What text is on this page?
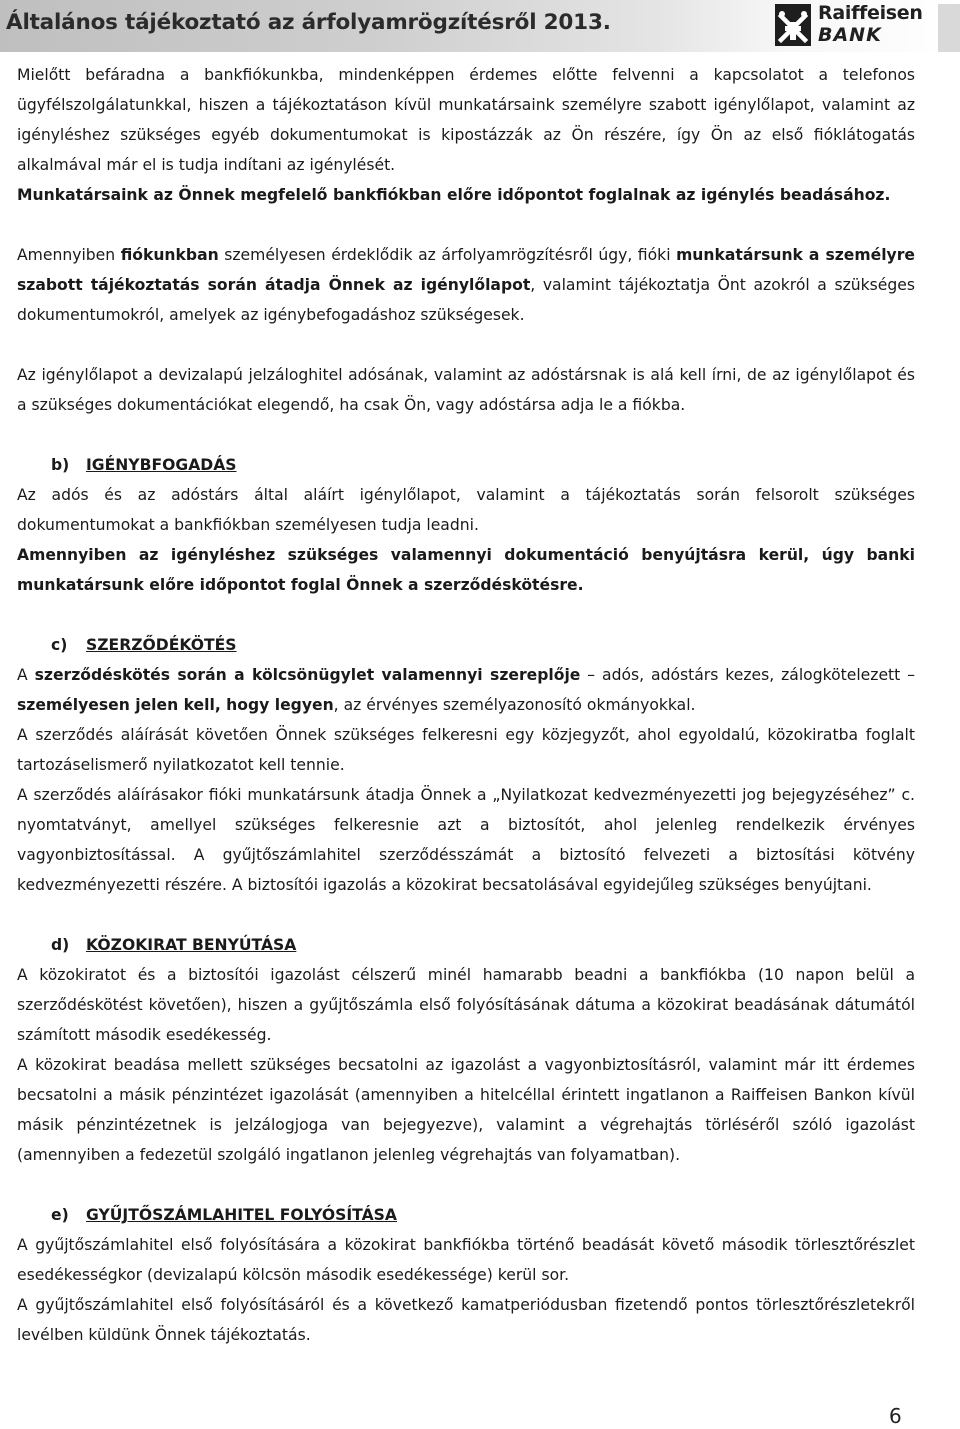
Általános tájékoztató az árfolyamrögzítésről 2013.	Raiffeisen
BANK

Mielőtt befáradna a bankfiókunkba, mindenképpen érdemes előtte felvenni a kapcsolatot a telefonos ügyfélszolgálatunkkal, hiszen a tájékoztatáson kívül munkatársaink személyre szabott igénylőlapot, valamint az igényléshez szükséges egyéb dokumentumokat is kipostázzák az Ön részére, így Ön az első fióklátogatás alkalmával már el is tudja indítani az igénylését.

Munkatársaink az Önnek megfelelő bankfiókban előre időpontot foglalnak az igénylés beadásához.

Amennyiben fiókunkban személyesen érdeklődik az árfolyamrögzítésről úgy, fióki munkatársunk a személyre szabott tájékoztatás során átadja Önnek az igénylőlapot, valamint tájékoztatja Önt azokról a szükséges dokumentumokról, amelyek az igénybefogadáshoz szükségesek.

Az igénylőlapot a devizalapú jelzáloghitel adósának, valamint az adóstársnak is alá kell írni, de az igénylőlapot és a szükséges dokumentációkat elegendő, ha csak Ön, vagy adóstársa adja le a fiókba.

b) IGÉNYBFOGADÁS

Az adós és az adóstárs által aláírt igénylőlapot, valamint a tájékoztatás során felsorolt szükséges dokumentumokat a bankfiókban személyesen tudja leadni.

Amennyiben az igényléshez szükséges valamennyi dokumentáció benyújtásra kerül, úgy banki munkatársunk előre időpontot foglal Önnek a szerződéskötésre.

c) SZERZŐDÉKÖTÉS

A szerződéskötés során a kölcsönügylet valamennyi szereplője – adós, adóstárs kezes, zálogkötelezett – személyesen jelen kell, hogy legyen, az érvényes személyazonosító okmányokkal.

A szerződés aláírását követően Önnek szükséges felkeresni egy közjegyzőt, ahol egyoldalú, közokiratba foglalt tartozáselismerő nyilatkozatot kell tennie.

A szerződés aláírásakor fióki munkatársunk átadja Önnek a „Nyilatkozat kedvezményezetti jog bejegyzéséhez” c. nyomtatványt, amellyel szükséges felkeresnie azt a biztosítót, ahol jelenleg rendelkezik érvényes vagyonbiztosítással. A gyűjtőszámlahitel szerződésszámát a biztosító felvezeti a biztosítási kötvény kedvezményezetti részére. A biztosítói igazolás a közokirat becsatolásával egyidejűleg szükséges benyújtani.

d) KÖZOKIRAT BENYÚTÁSA

A közokiratot és a biztosítói igazolást célszerű minél hamarabb beadni a bankfiókba (10 napon belül a szerződéskötést követően), hiszen a gyűjtőszámla első folyósításának dátuma a közokirat beadásának dátumától számított második esedékesség.

A közokirat beadása mellett szükséges becsatolni az igazolást a vagyonbiztosításról, valamint már itt érdemes becsatolni a másik pénzintézet igazolását (amennyiben a hitelcéllal érintett ingatlanon a Raiffeisen Bankon kívül másik pénzintézetnek is jelzálogjoga van bejegyezve), valamint a végrehajtás törléséről szóló igazolást (amennyiben a fedezetül szolgáló ingatlanon jelenleg végrehajtás van folyamatban).

e) GYŰJTŐSZÁMLAHITEL FOLYÓSÍTÁSA

A gyűjtőszámlahitel első folyósítására a közokirat bankfiókba történő beadását követő második törlesztőrészlet esedékességkor (devizalapú kölcsön második esedékessége) kerül sor.

A gyűjtőszámlahitel első folyósításáról és a következő kamatperiódusban fizetendő pontos törlesztőrészletekről levélben küldünk Önnek tájékoztatás.

6
